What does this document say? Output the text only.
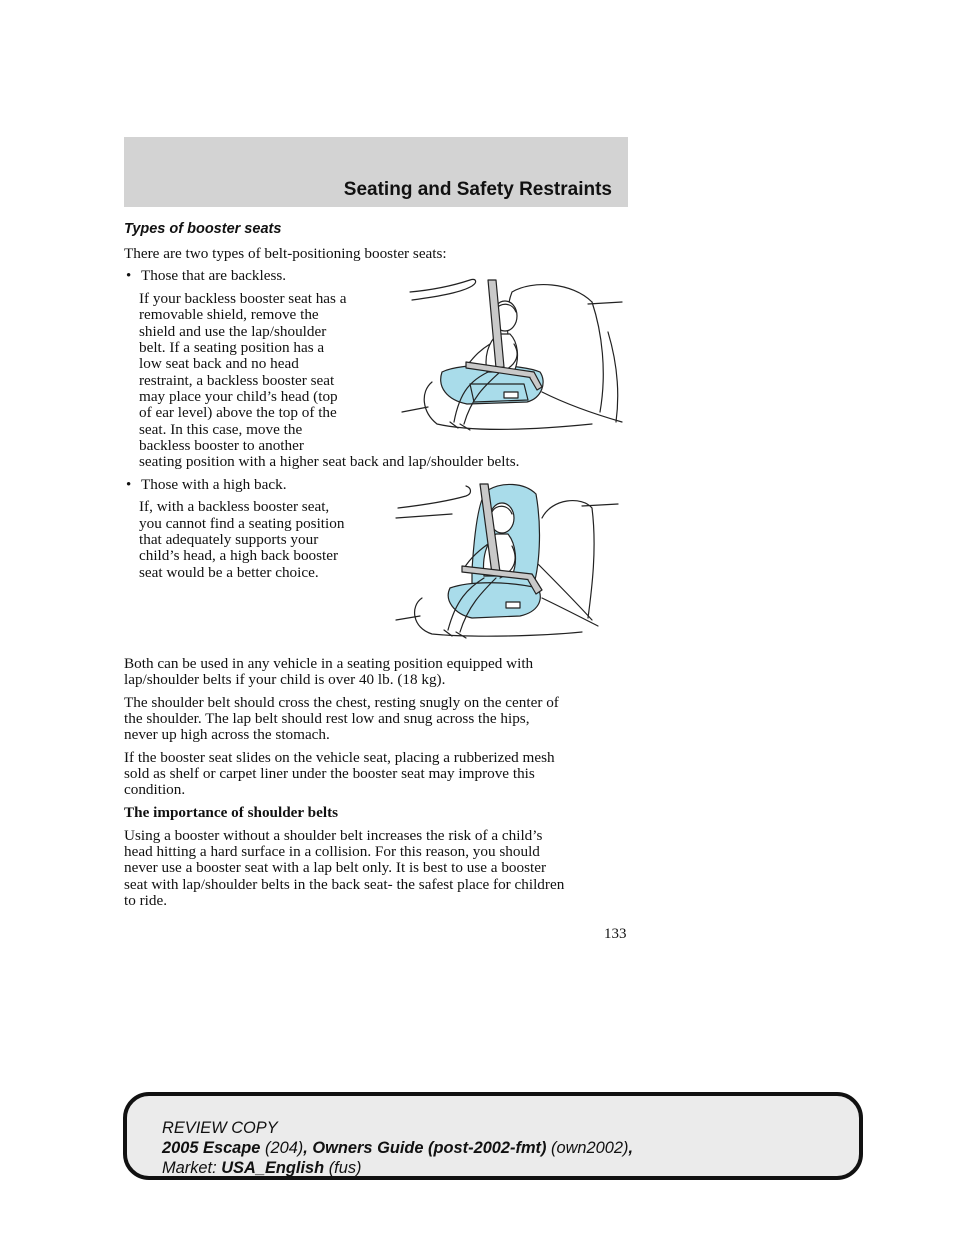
Seating and Safety Restraints
Types of booster seats
There are two types of belt-positioning booster seats:
• Those that are backless.
If your backless booster seat has a
removable shield, remove the
shield and use the lap/shoulder
belt. If a seating position has a
low seat back and no head
restraint, a backless booster seat
may place your child’s head (top
of ear level) above the top of the
seat. In this case, move the
backless booster to another
seating position with a higher seat back and lap/shoulder belts.
• Those with a high back.
If, with a backless booster seat,
you cannot find a seating position
that adequately supports your
child’s head, a high back booster
seat would be a better choice.
Both can be used in any vehicle in a seating position equipped with
lap/shoulder belts if your child is over 40 lb. (18 kg).
The shoulder belt should cross the chest, resting snugly on the center of
the shoulder. The lap belt should rest low and snug across the hips,
never up high across the stomach.
If the booster seat slides on the vehicle seat, placing a rubberized mesh
sold as shelf or carpet liner under the booster seat may improve this
condition.
The importance of shoulder belts
Using a booster without a shoulder belt increases the risk of a child’s
head hitting a hard surface in a collision. For this reason, you should
never use a booster seat with a lap belt only. It is best to use a booster
seat with lap/shoulder belts in the back seat- the safest place for children
to ride.
133
REVIEW COPY
2005 Escape (204), Owners Guide (post-2002-fmt) (own2002),
Market: USA_English (fus)
